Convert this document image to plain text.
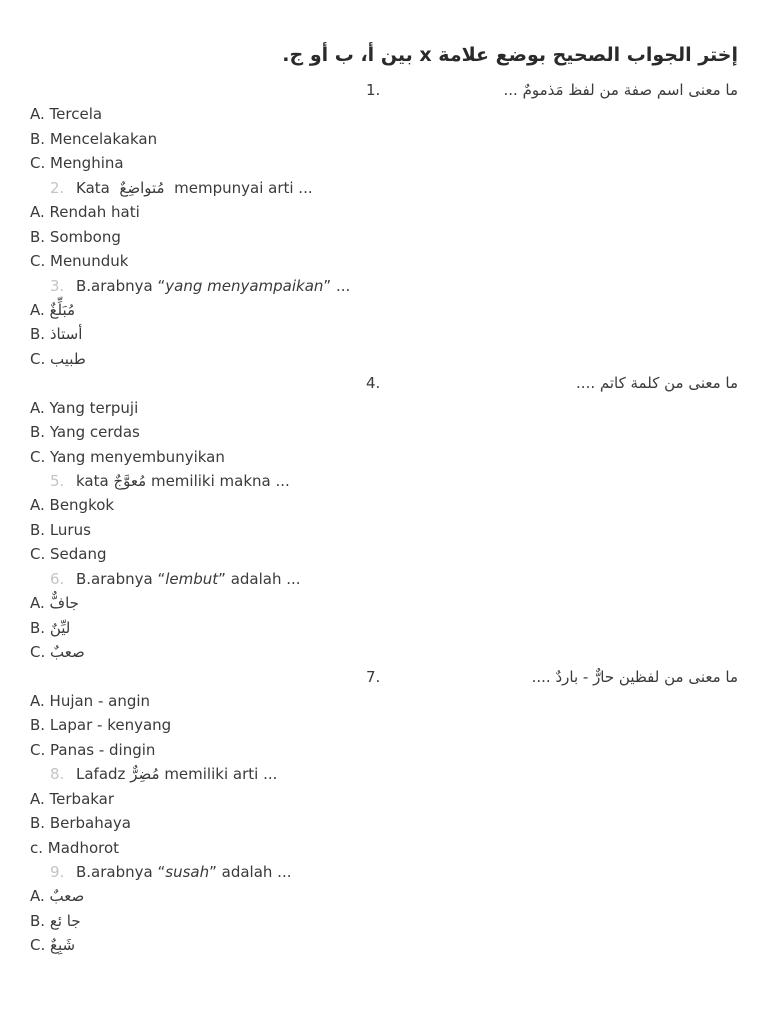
إختر الجواب الصحيح بوضع علامة x بين أ، ب أو ج.
1.	ما معنى اسم صفة من لفظ مَذمومٌ ...
A. Tercela
B. Mencelakakan
C. Menghina
2. Kata مُتواضِعٌ mempunyai arti ...
A. Rendah hati
B. Sombong
C. Menunduk
3. B.arabnya “yang menyampaikan” ...
A. مُبَلِّغٌ
B. أستاذ
C. طبيب
4.	ما معنى من كلمة كاتم ....
A. Yang terpuji
B. Yang cerdas
C. Yang menyembunyikan
5. kata مُعوَّجٌ memiliki makna ...
A. Bengkok
B. Lurus
C. Sedang
6. B.arabnya “lembut” adalah ...
A. جافٌّ
B. ليِّنٌ
C. صعبٌ
7.	ما معنى من لفظين حارٌّ - باردٌ ....
A. Hujan - angin
B. Lapar - kenyang
C. Panas - dingin
8. Lafadz مُضِرٌّ memiliki arti ...
A. Terbakar
B. Berbahaya
c. Madhorot
9. B.arabnya “susah” adalah ...
A. صعبٌ
B. جا ئع
C. شَبِعٌ
